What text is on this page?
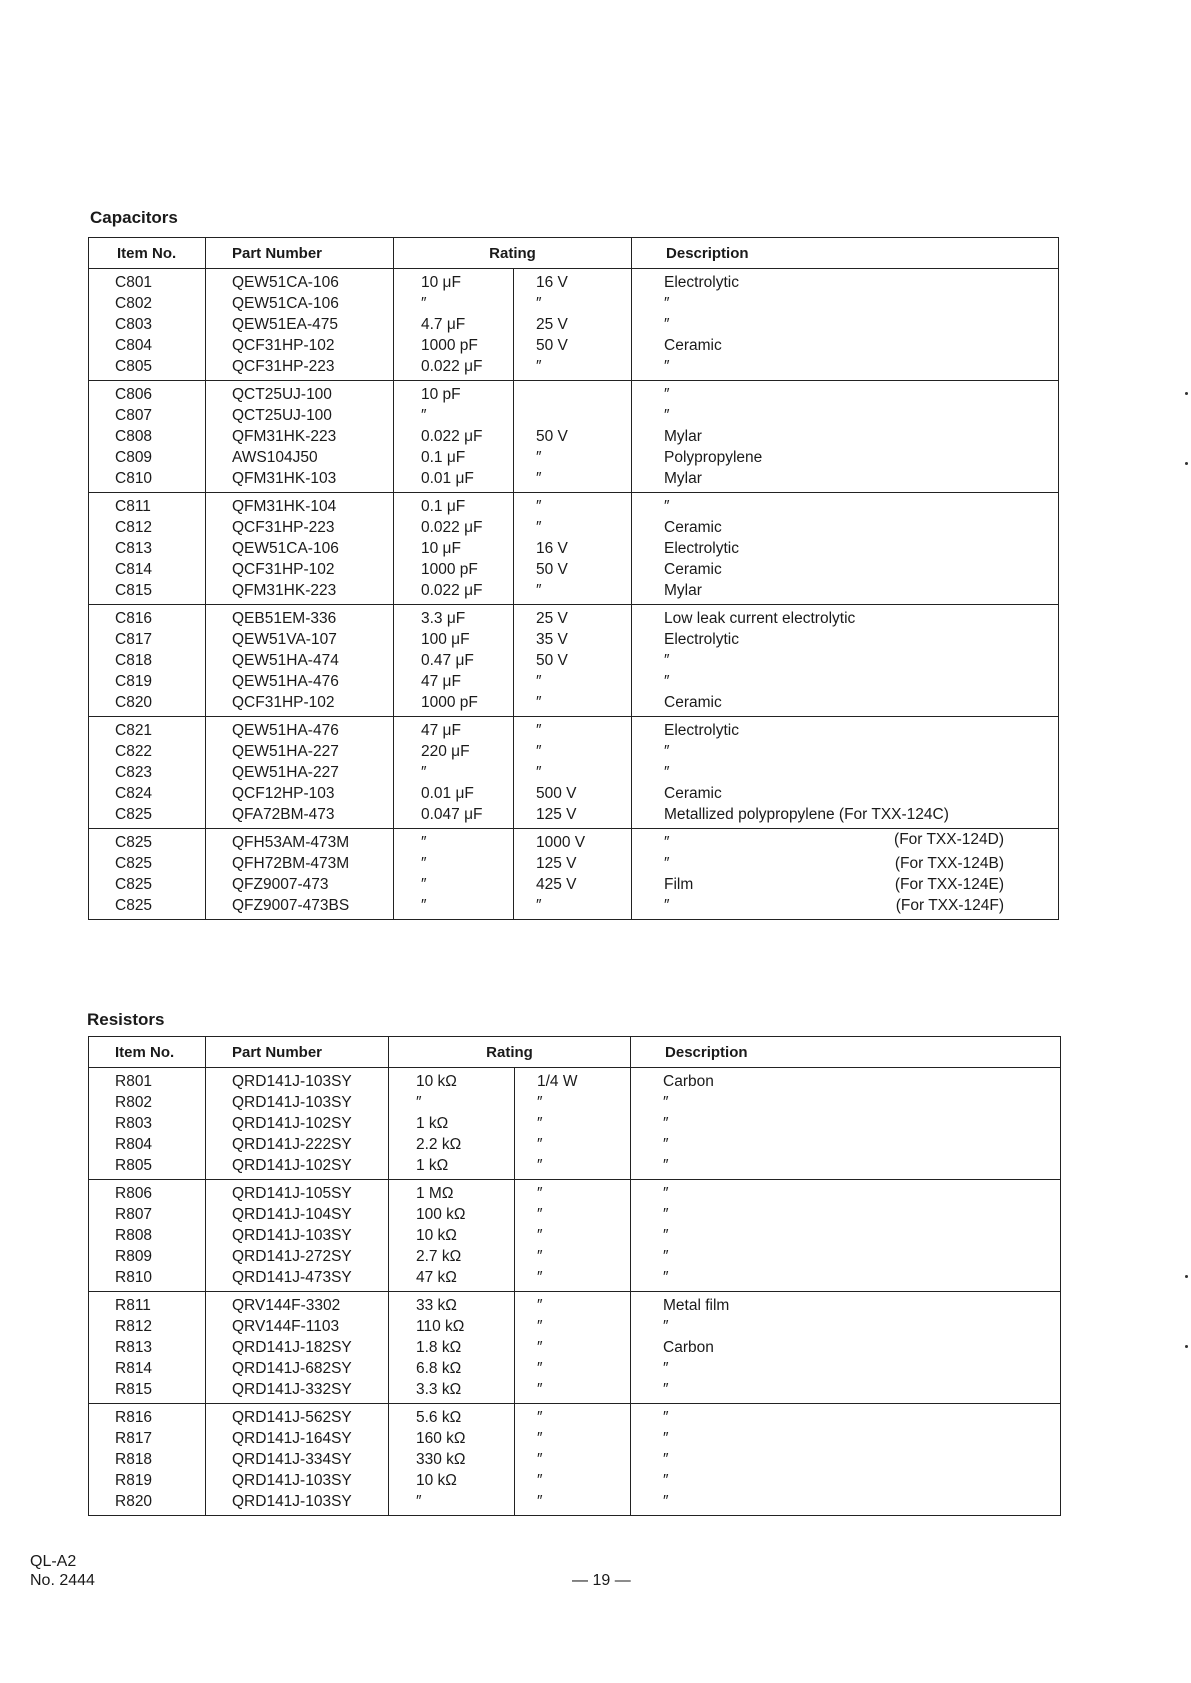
Capacitors
Item No.	Part Number	Rating		Description
C801	QEW51CA-106	10 μF	16 V	Electrolytic
C802	QEW51CA-106	″	″	″
C803	QEW51EA-475	4.7 μF	25 V	″
C804	QCF31HP-102	1000 pF	50 V	Ceramic
C805	QCF31HP-223	0.022 μF	″	″
C806	QCT25UJ-100	10 pF		″
C807	QCT25UJ-100	″		″
C808	QFM31HK-223	0.022 μF	50 V	Mylar
C809	AWS104J50	0.1 μF	″	Polypropylene
C810	QFM31HK-103	0.01 μF	″	Mylar
C811	QFM31HK-104	0.1 μF	″	″
C812	QCF31HP-223	0.022 μF	″	Ceramic
C813	QEW51CA-106	10 μF	16 V	Electrolytic
C814	QCF31HP-102	1000 pF	50 V	Ceramic
C815	QFM31HK-223	0.022 μF	″	Mylar
C816	QEB51EM-336	3.3 μF	25 V	Low leak current electrolytic
C817	QEW51VA-107	100 μF	35 V	Electrolytic
C818	QEW51HA-474	0.47 μF	50 V	″
C819	QEW51HA-476	47 μF	″	″
C820	QCF31HP-102	1000 pF	″	Ceramic
C821	QEW51HA-476	47 μF	″	Electrolytic
C822	QEW51HA-227	220 μF	″	″
C823	QEW51HA-227	″	″	″
C824	QCF12HP-103	0.01 μF	500 V	Ceramic
C825	QFA72BM-473	0.047 μF	125 V	Metallized polypropylene (For TXX-124C)
C825	QFH53AM-473M	″	1000 V	″ (For TXX-124D)

C825	QFH72BM-473M	″	125 V	″ (For TXX-124B)

C825	QFZ9007-473	″	425 V	Film (For TXX-124E)

C825	QFZ9007-473BS	″	″	″ (For TXX-124F)
Resistors
Item No.	Part Number	Rating		Description
R801	QRD141J-103SY	10 kΩ	1/4 W	Carbon
R802	QRD141J-103SY	″	″	″
R803	QRD141J-102SY	1 kΩ	″	″
R804	QRD141J-222SY	2.2 kΩ	″	″
R805	QRD141J-102SY	1 kΩ	″	″
R806	QRD141J-105SY	1 MΩ	″	″
R807	QRD141J-104SY	100 kΩ	″	″
R808	QRD141J-103SY	10 kΩ	″	″
R809	QRD141J-272SY	2.7 kΩ	″	″
R810	QRD141J-473SY	47 kΩ	″	″
R811	QRV144F-3302	33 kΩ	″	Metal film
R812	QRV144F-1103	110 kΩ	″	″
R813	QRD141J-182SY	1.8 kΩ	″	Carbon
R814	QRD141J-682SY	6.8 kΩ	″	″
R815	QRD141J-332SY	3.3 kΩ	″	″
R816	QRD141J-562SY	5.6 kΩ	″	″
R817	QRD141J-164SY	160 kΩ	″	″
R818	QRD141J-334SY	330 kΩ	″	″
R819	QRD141J-103SY	10 kΩ	″	″
R820	QRD141J-103SY	″	″	″
QL-A2
No. 2444	— 19 —
